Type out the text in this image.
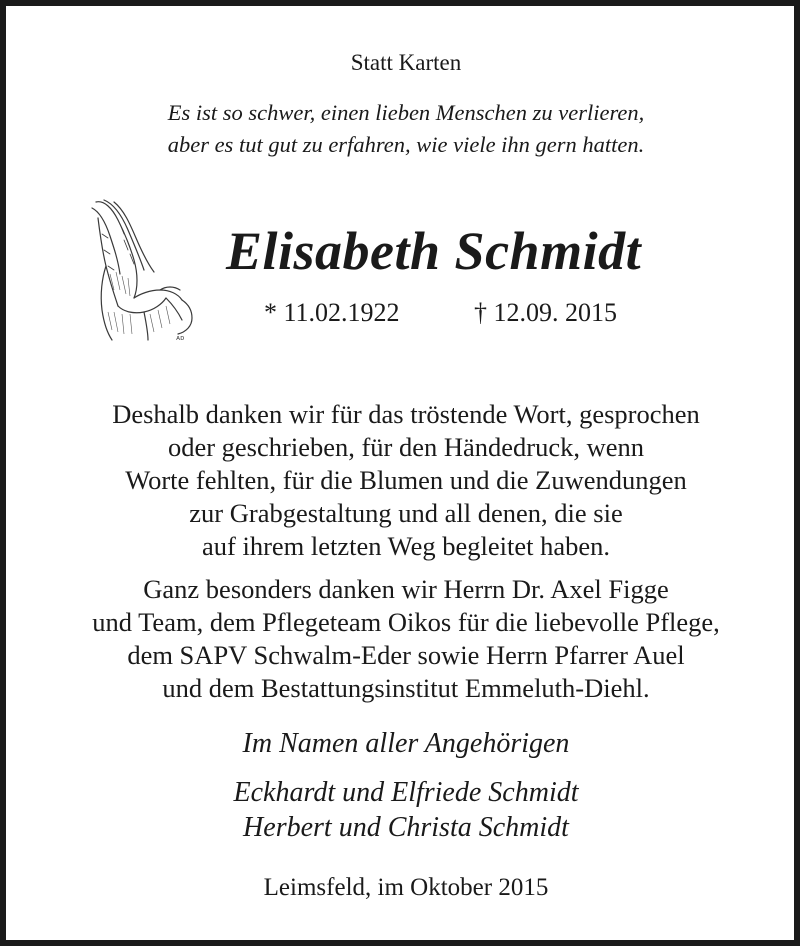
Statt Karten
Es ist so schwer, einen lieben Menschen zu verlieren,
aber es tut gut zu erfahren, wie viele ihn gern hatten.
ᴀᴅ
Elisabeth Schmidt
* 11.02.1922	† 12.09. 2015
Deshalb danken wir für das tröstende Wort, gesprochen
oder geschrieben, für den Händedruck, wenn
Worte fehlten, für die Blumen und die Zuwendungen
zur Grabgestaltung und all denen, die sie
auf ihrem letzten Weg begleitet haben.
Ganz besonders danken wir Herrn Dr. Axel Figge
und Team, dem Pflegeteam Oikos für die liebevolle Pflege,
dem SAPV Schwalm-Eder sowie Herrn Pfarrer Auel
und dem Bestattungsinstitut Emmeluth-Diehl.
Im Namen aller Angehörigen
Eckhardt und Elfriede Schmidt
Herbert und Christa Schmidt
Leimsfeld, im Oktober 2015
